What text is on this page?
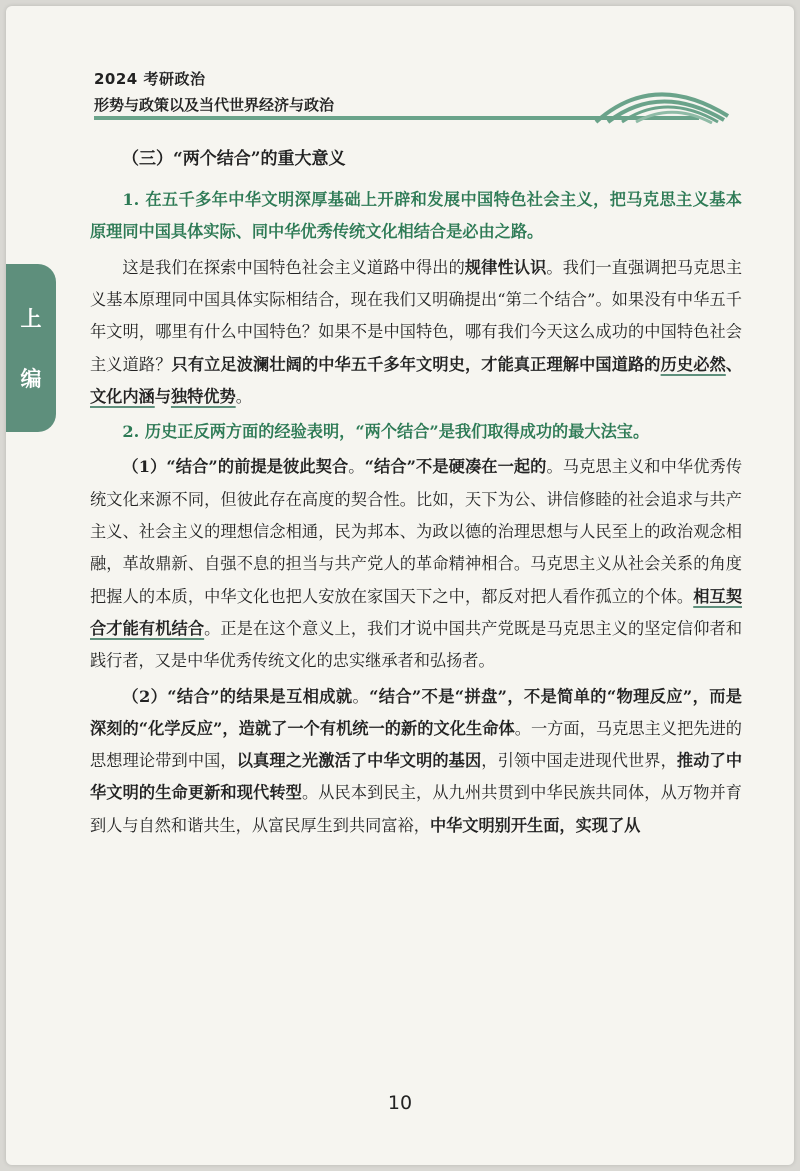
2024 考研政治
形势与政策以及当代世界经济与政治
上
编
（三）“两个结合”的重大意义

1. 在五千多年中华文明深厚基础上开辟和发展中国特色社会主义，把马克思主义基本原理同中国具体实际、同中华优秀传统文化相结合是必由之路。

这是我们在探索中国特色社会主义道路中得出的规律性认识。我们一直强调把马克思主义基本原理同中国具体实际相结合，现在我们又明确提出“第二个结合”。如果没有中华五千年文明，哪里有什么中国特色？如果不是中国特色，哪有我们今天这么成功的中国特色社会主义道路？只有立足波澜壮阔的中华五千多年文明史，才能真正理解中国道路的历史必然、文化内涵与独特优势。

2. 历史正反两方面的经验表明，“两个结合”是我们取得成功的最大法宝。

（1）“结合”的前提是彼此契合。“结合”不是硬凑在一起的。马克思主义和中华优秀传统文化来源不同，但彼此存在高度的契合性。比如，天下为公、讲信修睦的社会追求与共产主义、社会主义的理想信念相通，民为邦本、为政以德的治理思想与人民至上的政治观念相融，革故鼎新、自强不息的担当与共产党人的革命精神相合。马克思主义从社会关系的角度把握人的本质，中华文化也把人安放在家国天下之中，都反对把人看作孤立的个体。相互契合才能有机结合。正是在这个意义上，我们才说中国共产党既是马克思主义的坚定信仰者和践行者，又是中华优秀传统文化的忠实继承者和弘扬者。

（2）“结合”的结果是互相成就。“结合”不是“拼盘”，不是简单的“物理反应”，而是深刻的“化学反应”，造就了一个有机统一的新的文化生命体。一方面，马克思主义把先进的思想理论带到中国，以真理之光激活了中华文明的基因，引领中国走进现代世界，推动了中华文明的生命更新和现代转型。从民本到民主，从九州共贯到中华民族共同体，从万物并育到人与自然和谐共生，从富民厚生到共同富裕，中华文明别开生面，实现了从

10
